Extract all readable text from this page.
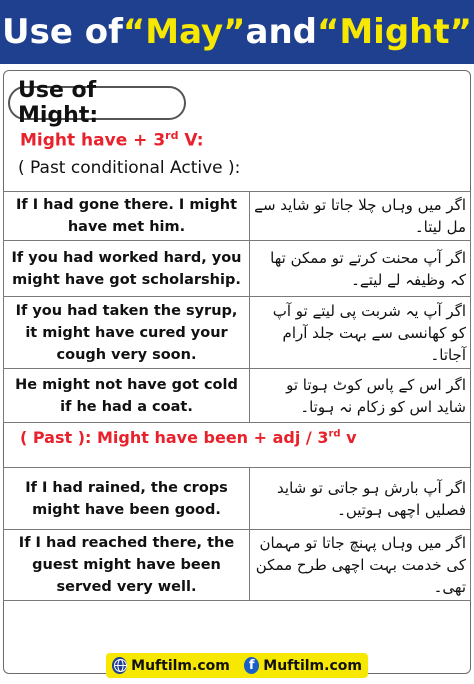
Use of “May” and “Might”
Use of Might:
Might have + 3rd V:
( Past conditional Active ):
If I had gone there. I might have met him.	اگر میں وہاں چلا جاتا تو شاید سے مل لیتا۔
If you had worked hard, you might have got scholarship.	اگر آپ محنت کرتے تو ممکن تھا کہ وظیفہ لے لیتے۔
If you had taken the syrup, it might have cured your cough very soon.	اگر آپ یہ شربت پی لیتے تو آپ کو کھانسی سے بہت جلد آرام آجاتا۔
He might not have got cold if he had a coat.	اگر اس کے پاس کوٹ ہوتا تو شاید اس کو زکام نہ ہوتا۔
( Past ): Might have been + adj / 3rd v
If I had rained, the crops might have been good.	اگر آپ بارش ہو جاتی تو شاید فصلیں اچھی ہوتیں۔
If I had reached there, the guest might have been served very well.	اگر میں وہاں پہنچ جاتا تو مہمان کی خدمت بہت اچھی طرح ممکن تھی۔
Muftilm.com	f Muftilm.com
